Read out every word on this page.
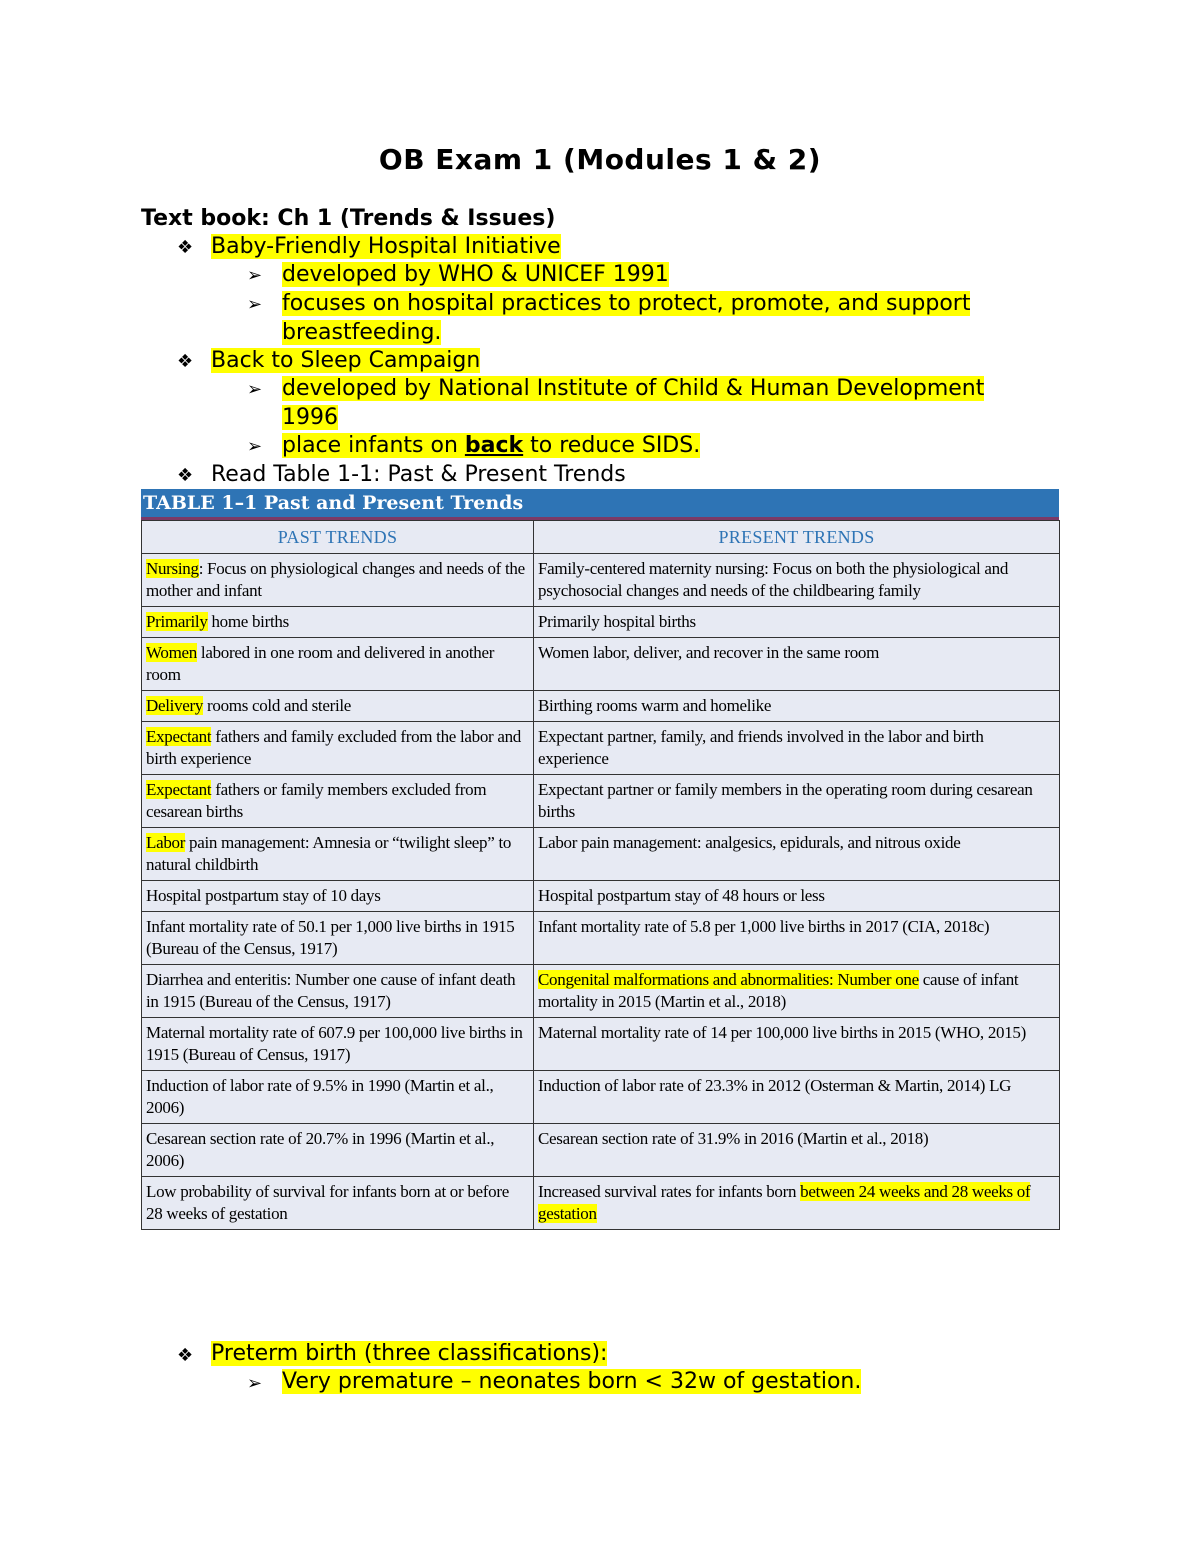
OB Exam 1 (Modules 1 & 2)
Text book: Ch 1 (Trends & Issues)
❖ Baby-Friendly Hospital Initiative
➢ developed by WHO & UNICEF 1991
➢ focuses on hospital practices to protect, promote, and support
breastfeeding.
❖ Back to Sleep Campaign
➢ developed by National Institute of Child & Human Development
1996
➢ place infants on back to reduce SIDS.
❖ Read Table 1-1: Past & Present Trends
TABLE 1–1 Past and Present Trends
PAST TRENDS	PRESENT TRENDS
Nursing: Focus on physiological changes and needs of the mother and infant	Family-centered maternity nursing: Focus on both the physiological and psychosocial changes and needs of the childbearing family
Primarily home births	Primarily hospital births
Women labored in one room and delivered in another room	Women labor, deliver, and recover in the same room
Delivery rooms cold and sterile	Birthing rooms warm and homelike
Expectant fathers and family excluded from the labor and birth experience	Expectant partner, family, and friends involved in the labor and birth experience
Expectant fathers or family members excluded from cesarean births	Expectant partner or family members in the operating room during cesarean births
Labor pain management: Amnesia or “twilight sleep” to natural childbirth	Labor pain management: analgesics, epidurals, and nitrous oxide
Hospital postpartum stay of 10 days	Hospital postpartum stay of 48 hours or less
Infant mortality rate of 50.1 per 1,000 live births in 1915 (Bureau of the Census, 1917)	Infant mortality rate of 5.8 per 1,000 live births in 2017 (CIA, 2018c)
Diarrhea and enteritis: Number one cause of infant death in 1915 (Bureau of the Census, 1917)	Congenital malformations and abnormalities: Number one cause of infant mortality in 2015 (Martin et al., 2018)
Maternal mortality rate of 607.9 per 100,000 live births in 1915 (Bureau of Census, 1917)	Maternal mortality rate of 14 per 100,000 live births in 2015 (WHO, 2015)
Induction of labor rate of 9.5% in 1990 (Martin et al., 2006)	Induction of labor rate of 23.3% in 2012 (Osterman & Martin, 2014) LG
Cesarean section rate of 20.7% in 1996 (Martin et al., 2006)	Cesarean section rate of 31.9% in 2016 (Martin et al., 2018)
Low probability of survival for infants born at or before 28 weeks of gestation	Increased survival rates for infants born between 24 weeks and 28 weeks of gestation
❖ Preterm birth (three classifications):
➢ Very premature – neonates born < 32w of gestation.
